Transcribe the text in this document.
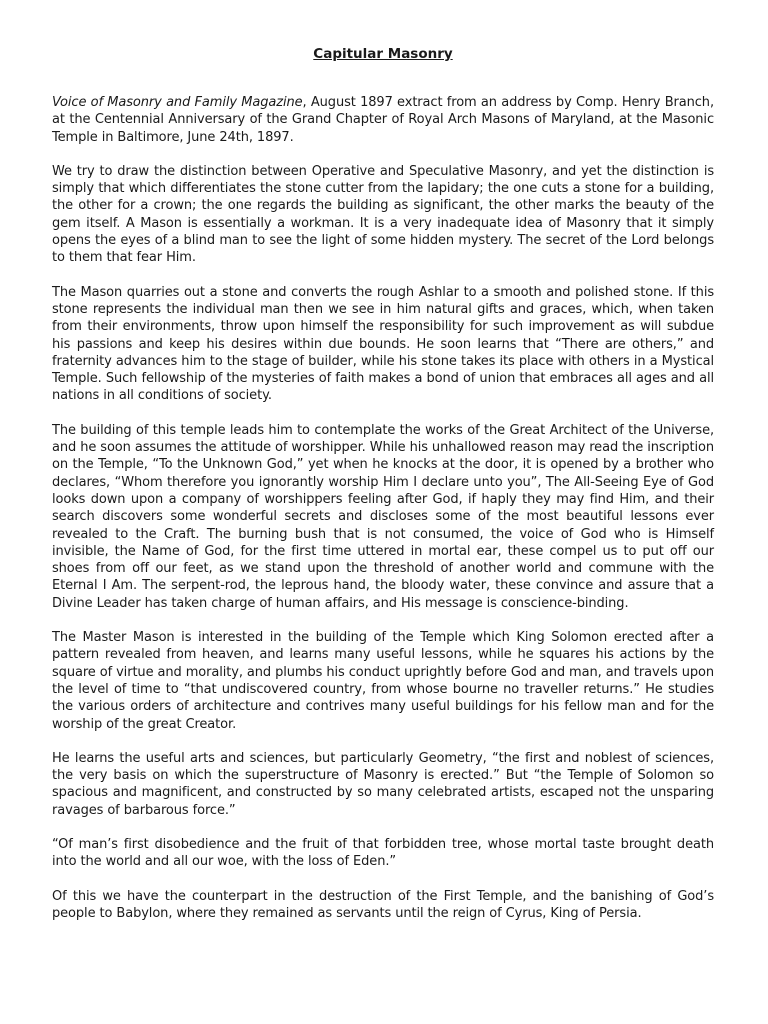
Capitular Masonry

Voice of Masonry and Family Magazine, August 1897 extract from an address by Comp. Henry Branch, at the Centennial Anniversary of the Grand Chapter of Royal Arch Masons of Maryland, at the Masonic Temple in Baltimore, June 24th, 1897.

We try to draw the distinction between Operative and Speculative Masonry, and yet the distinction is simply that which differentiates the stone cutter from the lapidary; the one cuts a stone for a building, the other for a crown; the one regards the building as significant, the other marks the beauty of the gem itself. A Mason is essentially a workman. It is a very inadequate idea of Masonry that it simply opens the eyes of a blind man to see the light of some hidden mystery. The secret of the Lord belongs to them that fear Him.

The Mason quarries out a stone and converts the rough Ashlar to a smooth and polished stone. If this stone represents the individual man then we see in him natural gifts and graces, which, when taken from their environments, throw upon himself the responsibility for such improvement as will subdue his passions and keep his desires within due bounds. He soon learns that “There are others,” and fraternity advances him to the stage of builder, while his stone takes its place with others in a Mystical Temple. Such fellowship of the mysteries of faith makes a bond of union that embraces all ages and all nations in all conditions of society.

The building of this temple leads him to contemplate the works of the Great Architect of the Universe, and he soon assumes the attitude of worshipper. While his unhallowed reason may read the inscription on the Temple, “To the Unknown God,” yet when he knocks at the door, it is opened by a brother who declares, “Whom therefore you ignorantly worship Him I declare unto you”, The All-Seeing Eye of God looks down upon a company of worshippers feeling after God, if haply they may find Him, and their search discovers some wonderful secrets and discloses some of the most beautiful lessons ever revealed to the Craft. The burning bush that is not consumed, the voice of God who is Himself invisible, the Name of God, for the first time uttered in mortal ear, these compel us to put off our shoes from off our feet, as we stand upon the threshold of another world and commune with the Eternal I Am. The serpent-rod, the leprous hand, the bloody water, these convince and assure that a Divine Leader has taken charge of human affairs, and His message is conscience-binding.

The Master Mason is interested in the building of the Temple which King Solomon erected after a pattern revealed from heaven, and learns many useful lessons, while he squares his actions by the square of virtue and morality, and plumbs his conduct uprightly before God and man, and travels upon the level of time to “that undiscovered country, from whose bourne no traveller returns.” He studies the various orders of architecture and contrives many useful buildings for his fellow man and for the worship of the great Creator.

He learns the useful arts and sciences, but particularly Geometry, “the first and noblest of sciences, the very basis on which the superstructure of Masonry is erected.” But “the Temple of Solomon so spacious and magnificent, and constructed by so many celebrated artists, escaped not the unsparing ravages of barbarous force.”

“Of man’s first disobedience and the fruit of that forbidden tree, whose mortal taste brought death into the world and all our woe, with the loss of Eden.”

Of this we have the counterpart in the destruction of the First Temple, and the banishing of God’s people to Babylon, where they remained as servants until the reign of Cyrus, King of Persia.
